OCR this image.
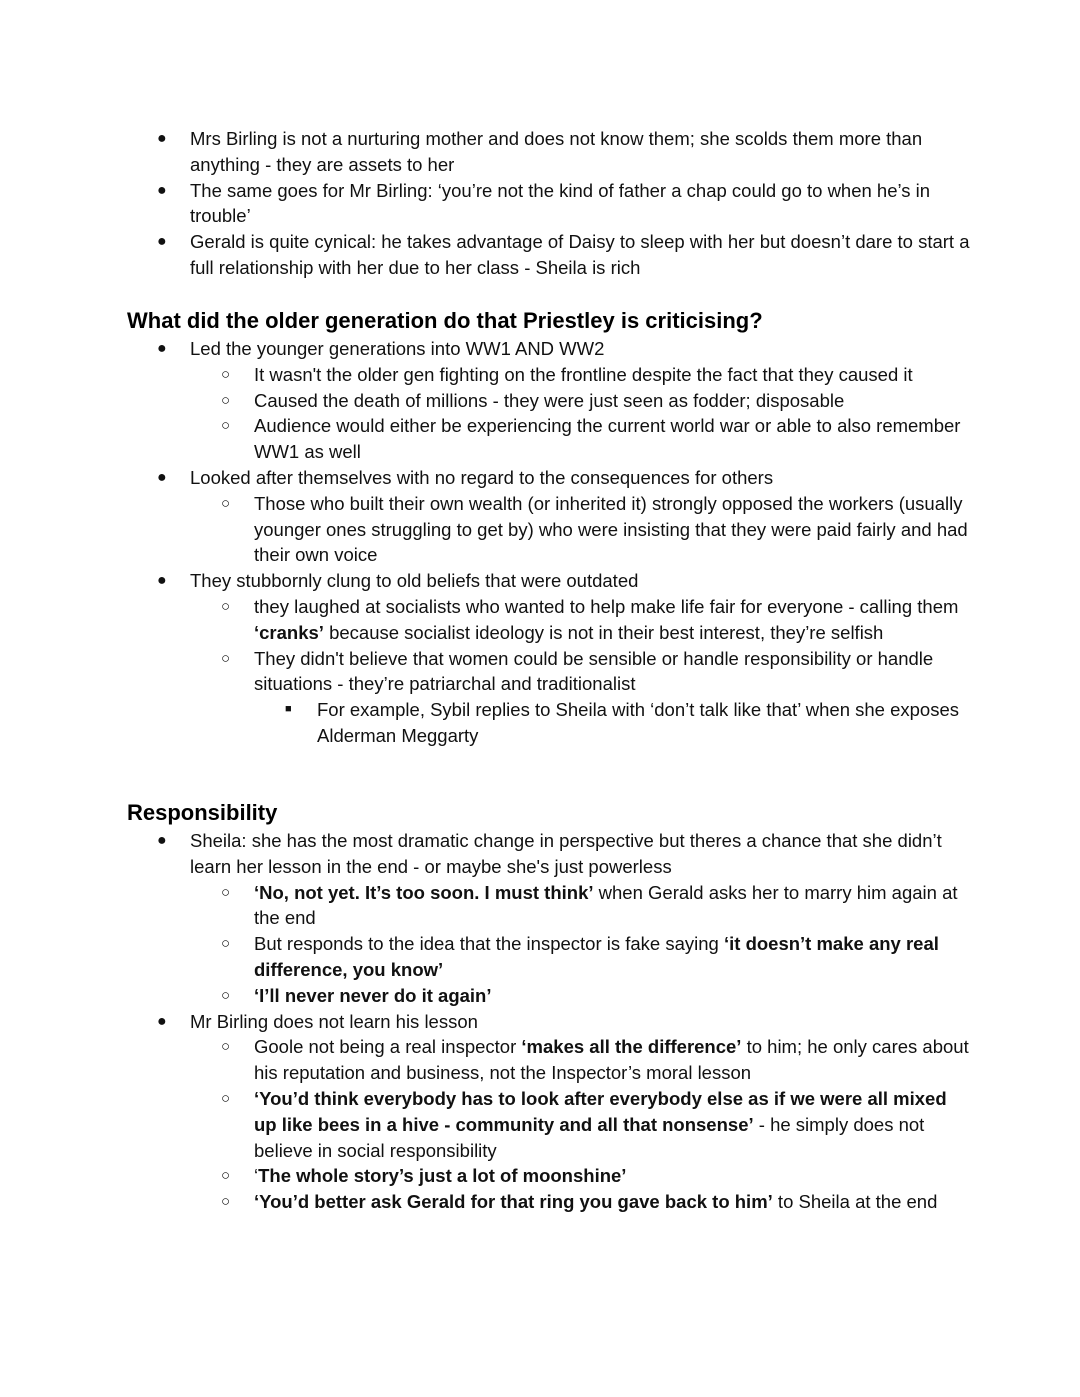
● Mrs Birling is not a nurturing mother and does not know them; she scolds them more than anything - they are assets to her
● The same goes for Mr Birling: ‘you’re not the kind of father a chap could go to when he’s in trouble’
● Gerald is quite cynical: he takes advantage of Daisy to sleep with her but doesn’t dare to start a full relationship with her due to her class - Sheila is rich
What did the older generation do that Priestley is criticising?
● Led the younger generations into WW1 AND WW2
○ It wasn't the older gen fighting on the frontline despite the fact that they caused it
○ Caused the death of millions - they were just seen as fodder; disposable
○ Audience would either be experiencing the current world war or able to also remember WW1 as well
● Looked after themselves with no regard to the consequences for others
○ Those who built their own wealth (or inherited it) strongly opposed the workers (usually younger ones struggling to get by) who were insisting that they were paid fairly and had their own voice
● They stubbornly clung to old beliefs that were outdated
○ they laughed at socialists who wanted to help make life fair for everyone - calling them ‘cranks’ because socialist ideology is not in their best interest, they’re selfish
○ They didn't believe that women could be sensible or handle responsibility or handle situations - they’re patriarchal and traditionalist
■ For example, Sybil replies to Sheila with ‘don’t talk like that’ when she exposes Alderman Meggarty
Responsibility
● Sheila: she has the most dramatic change in perspective but theres a chance that she didn’t learn her lesson in the end - or maybe she's just powerless
○ ‘No, not yet. It’s too soon. I must think’ when Gerald asks her to marry him again at the end
○ But responds to the idea that the inspector is fake saying ‘it doesn’t make any real difference, you know’
○ ‘I’ll never never do it again’
● Mr Birling does not learn his lesson
○ Goole not being a real inspector ‘makes all the difference’ to him; he only cares about his reputation and business, not the Inspector’s moral lesson
○ ‘You’d think everybody has to look after everybody else as if we were all mixed up like bees in a hive - community and all that nonsense’ - he simply does not believe in social responsibility
○ ‘The whole story’s just a lot of moonshine’
○ ‘You’d better ask Gerald for that ring you gave back to him’ to Sheila at the end
